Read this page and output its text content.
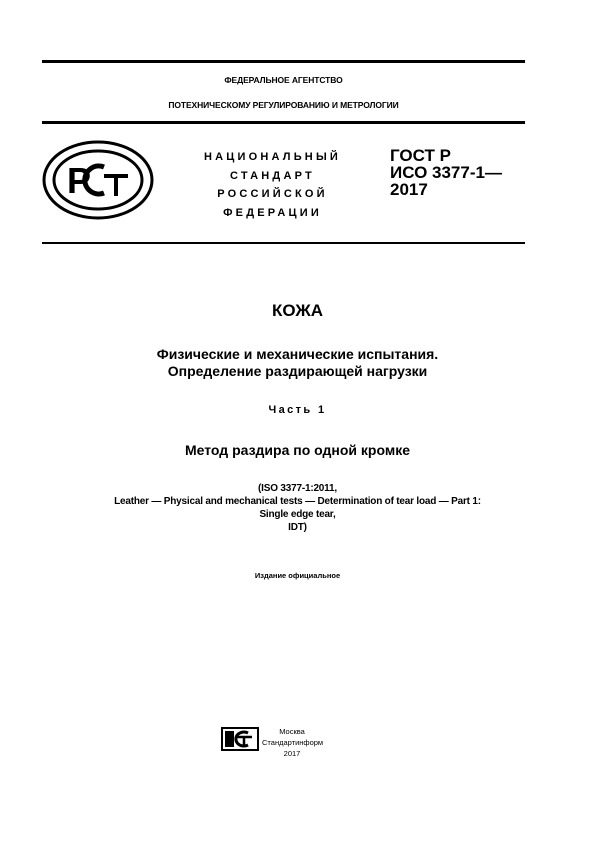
ФЕДЕРАЛЬНОЕ АГЕНТСТВО
ПОТЕХНИЧЕСКОМУ РЕГУЛИРОВАНИЮ И МЕТРОЛОГИИ
Р
НАЦИОНАЛЬНЫЙ
СТАНДАРТ
РОССИЙСКОЙ
ФЕДЕРАЦИИ
ГОСТ Р
ИСО 3377-1—
2017
КОЖА
Физические и механические испытания.
Определение раздирающей нагрузки
Часть 1
Метод раздира по одной кромке
(ISO 3377-1:2011,
Leather — Physical and mechanical tests — Determination of tear load — Part 1:
Single edge tear,
IDT)
Издание официальное
Москва
Стандартинформ
2017
